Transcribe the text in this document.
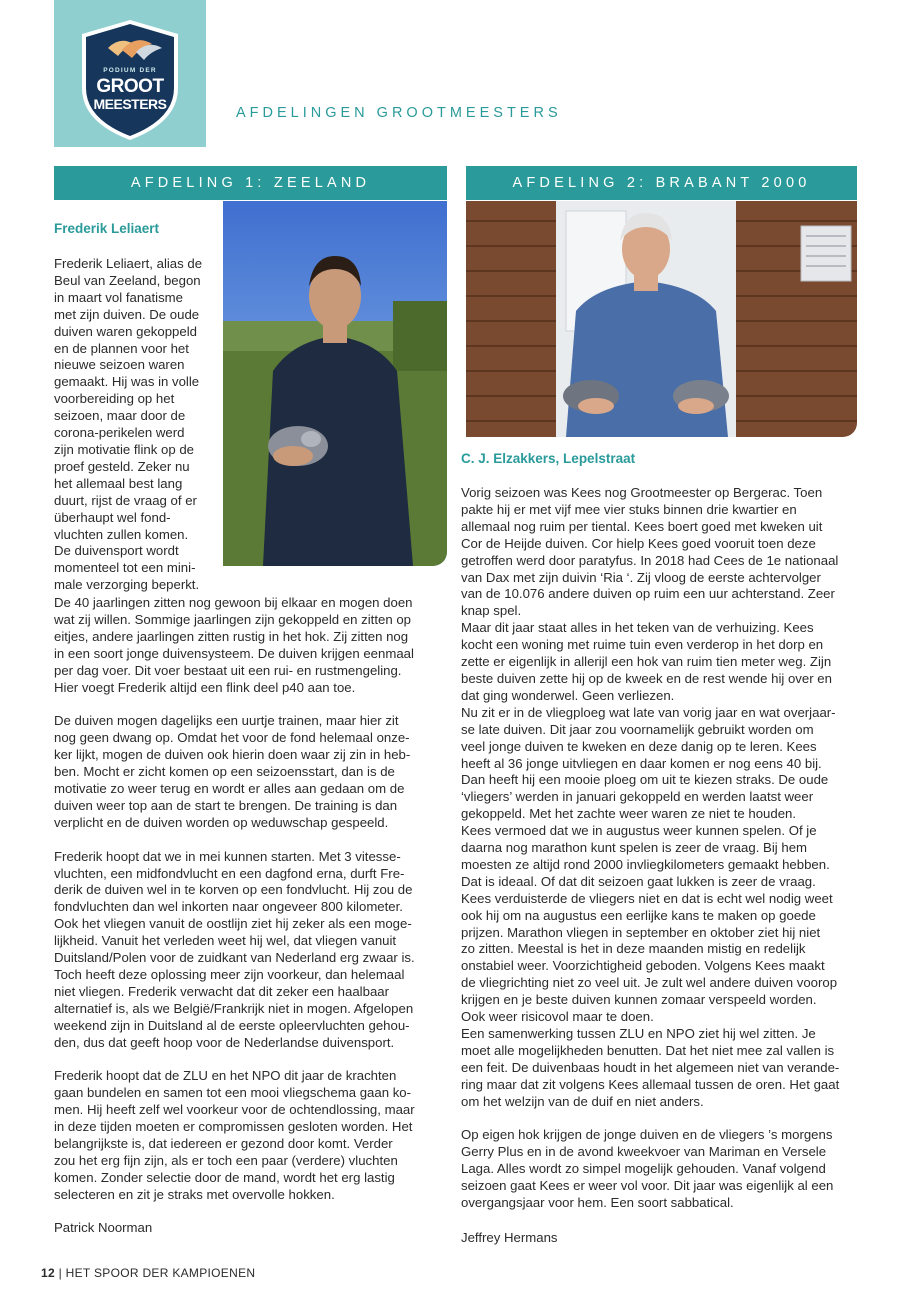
PODIUM DER
GROOT
MEESTERS
AFDELINGEN GROOTMEESTERS
AFDELING 1: ZEELAND	AFDELING 2: BRABANT 2000
Frederik Leliaert
Frederik Leliaert, alias de
Beul van Zeeland, begon
in maart vol fanatisme
met zijn duiven. De oude
duiven waren gekoppeld
en de plannen voor het
nieuwe seizoen waren
gemaakt. Hij was in volle
voorbereiding op het
seizoen, maar door de
corona-perikelen werd
zijn motivatie flink op de
proef gesteld. Zeker nu
het allemaal best lang
duurt, rijst de vraag of er
überhaupt wel fond-
vluchten zullen komen.
De duivensport wordt
momenteel tot een mini-
male verzorging beperkt.
De 40 jaarlingen zitten nog gewoon bij elkaar en mogen doen
wat zij willen. Sommige jaarlingen zijn gekoppeld en zitten op
eitjes, andere jaarlingen zitten rustig in het hok. Zij zitten nog
in een soort jonge duivensysteem. De duiven krijgen eenmaal
per dag voer. Dit voer bestaat uit een rui- en rustmengeling.
Hier voegt Frederik altijd een flink deel p40 aan toe.

De duiven mogen dagelijks een uurtje trainen, maar hier zit
nog geen dwang op. Omdat het voor de fond helemaal onze-
ker lijkt, mogen de duiven ook hierin doen waar zij zin in heb-
ben. Mocht er zicht komen op een seizoensstart, dan is de
motivatie zo weer terug en wordt er alles aan gedaan om de
duiven weer top aan de start te brengen. De training is dan
verplicht en de duiven worden op weduwschap gespeeld.

Frederik hoopt dat we in mei kunnen starten. Met 3 vitesse-
vluchten, een midfondvlucht en een dagfond erna, durft Fre-
derik de duiven wel in te korven op een fondvlucht. Hij zou de
fondvluchten dan wel inkorten naar ongeveer 800 kilometer.
Ook het vliegen vanuit de oostlijn ziet hij zeker als een moge-
lijkheid. Vanuit het verleden weet hij wel, dat vliegen vanuit
Duitsland/Polen voor de zuidkant van Nederland erg zwaar is.
Toch heeft deze oplossing meer zijn voorkeur, dan helemaal
niet vliegen. Frederik verwacht dat dit zeker een haalbaar
alternatief is, als we België/Frankrijk niet in mogen. Afgelopen
weekend zijn in Duitsland al de eerste opleervluchten gehou-
den, dus dat geeft hoop voor de Nederlandse duivensport.

Frederik hoopt dat de ZLU en het NPO dit jaar de krachten
gaan bundelen en samen tot een mooi vliegschema gaan ko-
men. Hij heeft zelf wel voorkeur voor de ochtendlossing, maar
in deze tijden moeten er compromissen gesloten worden. Het
belangrijkste is, dat iedereen er gezond door komt. Verder
zou het erg fijn zijn, als er toch een paar (verdere) vluchten
komen. Zonder selectie door de mand, wordt het erg lastig
selecteren en zit je straks met overvolle hokken.
Patrick Noorman
C. J. Elzakkers, Lepelstraat
Vorig seizoen was Kees nog Grootmeester op Bergerac. Toen
pakte hij er met vijf mee vier stuks binnen drie kwartier en
allemaal nog ruim per tiental. Kees boert goed met kweken uit
Cor de Heijde duiven. Cor hielp Kees goed vooruit toen deze
getroffen werd door paratyfus. In 2018 had Cees de 1e nationaal
van Dax met zijn duivin ‘Ria ‘. Zij vloog de eerste achtervolger
van de 10.076 andere duiven op ruim een uur achterstand. Zeer
knap spel.
Maar dit jaar staat alles in het teken van de verhuizing. Kees
kocht een woning met ruime tuin even verderop in het dorp en
zette er eigenlijk in allerijl een hok van ruim tien meter weg. Zijn
beste duiven zette hij op de kweek en de rest wende hij over en
dat ging wonderwel. Geen verliezen.
Nu zit er in de vliegploeg wat late van vorig jaar en wat overjaar-
se late duiven. Dit jaar zou voornamelijk gebruikt worden om
veel jonge duiven te kweken en deze danig op te leren. Kees
heeft al 36 jonge uitvliegen en daar komen er nog eens 40 bij.
Dan heeft hij een mooie ploeg om uit te kiezen straks. De oude
‘vliegers’ werden in januari gekoppeld en werden laatst weer
gekoppeld. Met het zachte weer waren ze niet te houden.
Kees vermoed dat we in augustus weer kunnen spelen. Of je
daarna nog marathon kunt spelen is zeer de vraag. Bij hem
moesten ze altijd rond 2000 invliegkilometers gemaakt hebben.
Dat is ideaal. Of dat dit seizoen gaat lukken is zeer de vraag.
Kees verduisterde de vliegers niet en dat is echt wel nodig weet
ook hij om na augustus een eerlijke kans te maken op goede
prijzen. Marathon vliegen in september en oktober ziet hij niet
zo zitten. Meestal is het in deze maanden mistig en redelijk
onstabiel weer. Voorzichtigheid geboden. Volgens Kees maakt
de vliegrichting niet zo veel uit. Je zult wel andere duiven voorop
krijgen en je beste duiven kunnen zomaar verspeeld worden.
Ook weer risicovol maar te doen.
Een samenwerking tussen ZLU en NPO ziet hij wel zitten. Je
moet alle mogelijkheden benutten. Dat het niet mee zal vallen is
een feit. De duivenbaas houdt in het algemeen niet van verande-
ring maar dat zit volgens Kees allemaal tussen de oren. Het gaat
om het welzijn van de duif en niet anders.

Op eigen hok krijgen de jonge duiven en de vliegers ’s morgens
Gerry Plus en in de avond kweekvoer van Mariman en Versele
Laga. Alles wordt zo simpel mogelijk gehouden. Vanaf volgend
seizoen gaat Kees er weer vol voor. Dit jaar was eigenlijk al een
overgangsjaar voor hem. Een soort sabbatical.
Jeffrey Hermans
12 | HET SPOOR DER KAMPIOENEN
